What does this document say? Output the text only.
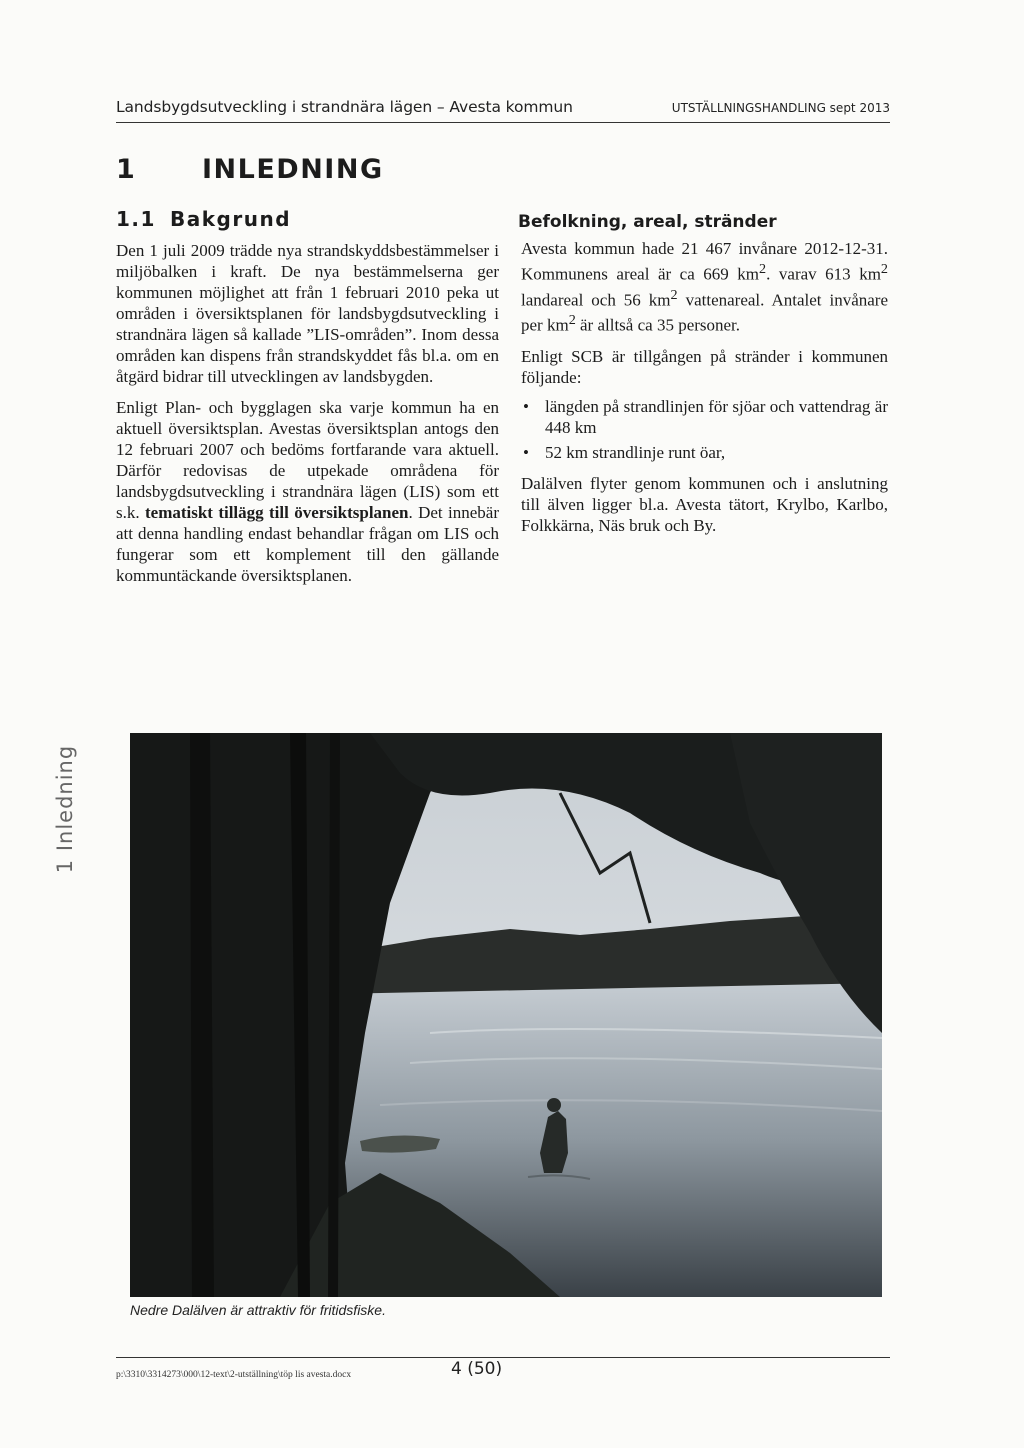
Landsbygdsutveckling i strandnära lägen – Avesta kommun	UTSTÄLLNINGSHANDLING sept 2013
1 INLEDNING
1.1 Bakgrund

Den 1 juli 2009 trädde nya strandskyddsbestämmelser i miljöbalken i kraft. De nya bestämmelserna ger kommunen möjlighet att från 1 februari 2010 peka ut områden i översiktsplanen för landsbygdsutveckling i strandnära lägen så kallade ”LIS-områden”. Inom dessa områden kan dispens från strandskyddet fås bl.a. om en åtgärd bidrar till utvecklingen av landsbygden.

Enligt Plan- och bygglagen ska varje kommun ha en aktuell översiktsplan. Avestas översiktsplan antogs den 12 februari 2007 och bedöms fortfarande vara aktuell. Därför redovisas de utpekade områdena för landsbygdsutveckling i strandnära lägen (LIS) som ett s.k. tematiskt tillägg till översiktsplanen. Det innebär att denna handling endast behandlar frågan om LIS och fungerar som ett komplement till den gällande kommuntäckande översiktsplanen.

Befolkning, areal, stränder

Avesta kommun hade 21 467 invånare 2012-12-31. Kommunens areal är ca 669 $km^2$. varav 613 $km^2$ landareal och 56 $km^2$ vattenareal. Antalet invånare per $km^2$ är alltså ca 35 personer.

Enligt SCB är tillgången på stränder i kommunen följande:

• längden på strandlinjen för sjöar och vattendrag är 448 km
• 52 km strandlinje runt öar,

Dalälven flyter genom kommunen och i anslutning till älven ligger bl.a. Avesta tätort, Krylbo, Karlbo, Folkkärna, Näs bruk och By.

1 Inledning
Nedre Dalälven är attraktiv för fritidsfiske.
p:\3310\3314273\000\12-text\2-utställning\töp lis avesta.docx	4 (50)
